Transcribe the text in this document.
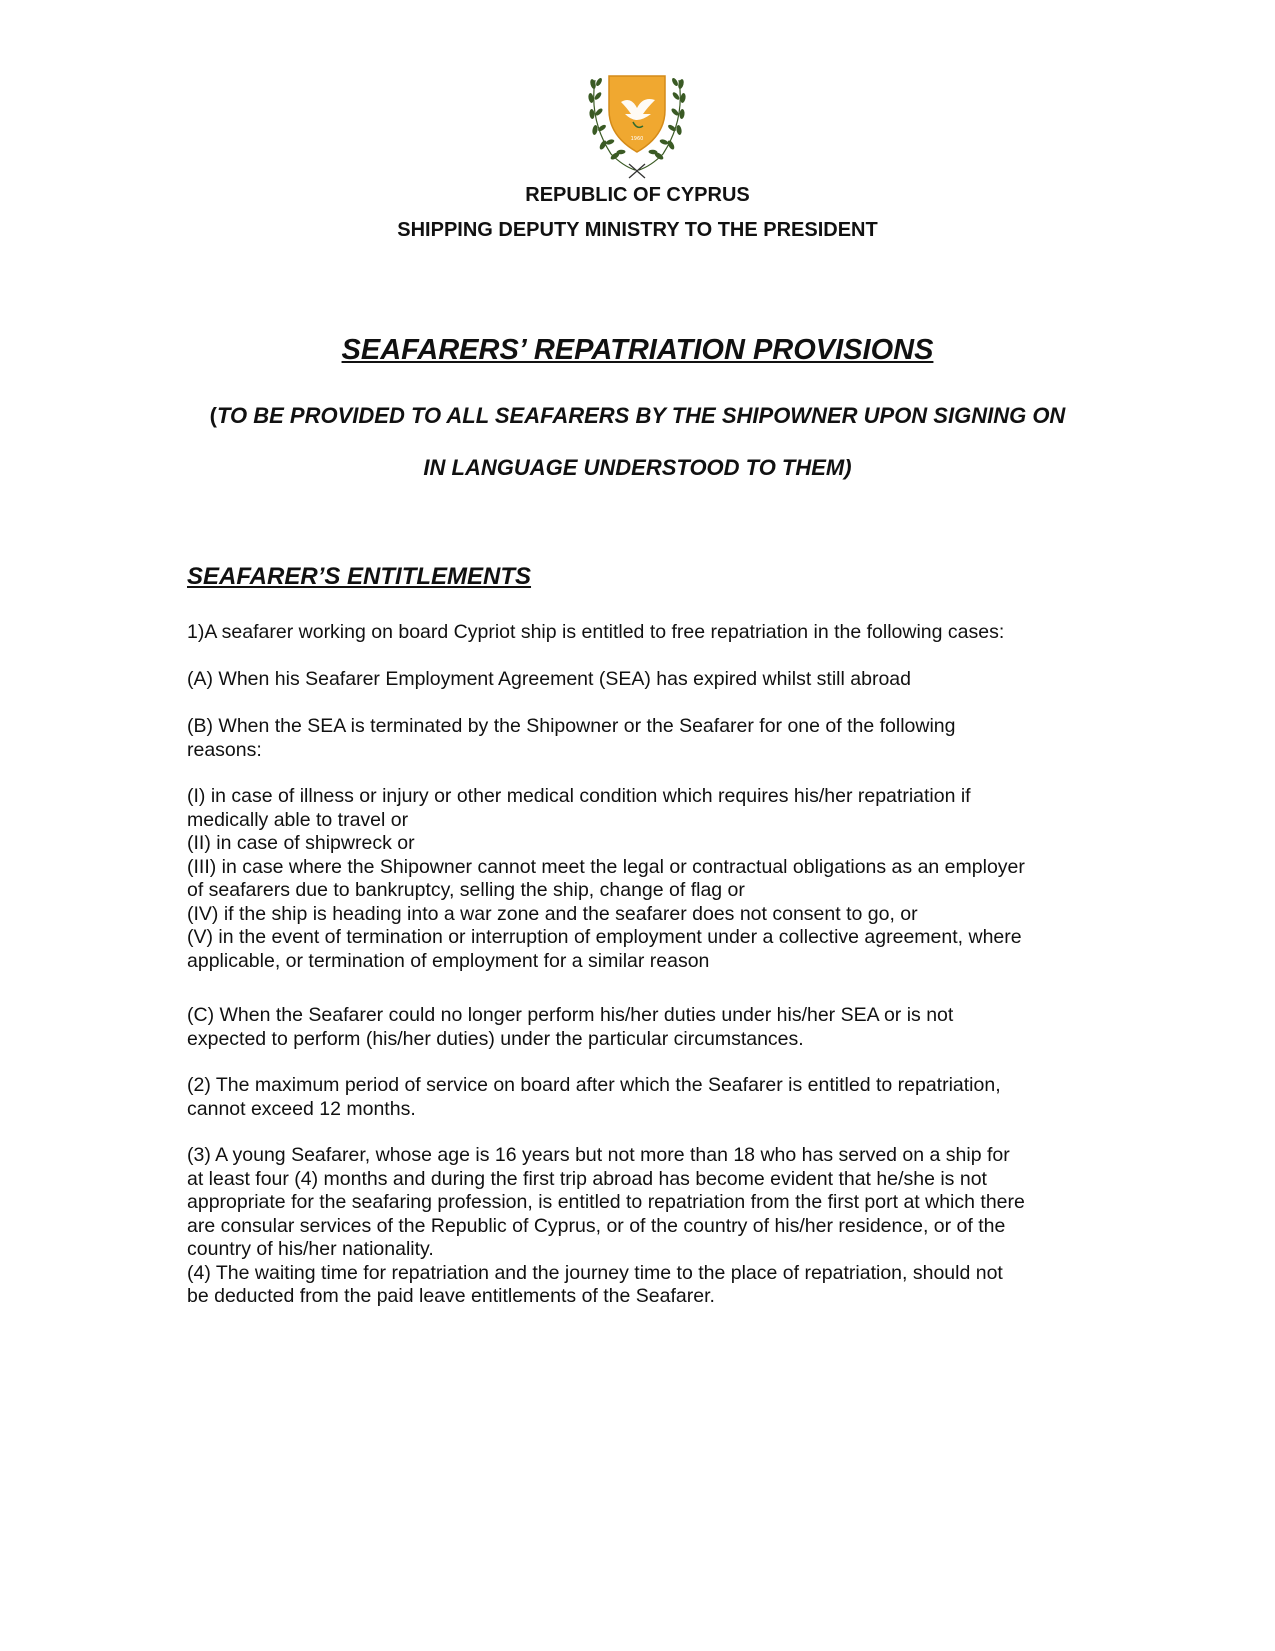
1960

REPUBLIC OF CYPRUS

SHIPPING DEPUTY MINISTRY TO THE PRESIDENT

SEAFARERS’ REPATRIATION PROVISIONS

(TO BE PROVIDED TO ALL SEAFARERS BY THE SHIPOWNER UPON SIGNING ON

IN LANGUAGE UNDERSTOOD TO THEM)

SEAFARER’S ENTITLEMENTS

1)A seafarer working on board Cypriot ship is entitled to free repatriation in the following cases:

(A) When his Seafarer Employment Agreement (SEA) has expired whilst still abroad

(B) When the SEA is terminated by the Shipowner or the Seafarer for one of the following
reasons:

(I) in case of illness or injury or other medical condition which requires his/her repatriation if
medically able to travel or
(II) in case of shipwreck or
(III) in case where the Shipowner cannot meet the legal or contractual obligations as an employer
of seafarers due to bankruptcy, selling the ship, change of flag or
(IV) if the ship is heading into a war zone and the seafarer does not consent to go, or
(V) in the event of termination or interruption of employment under a collective agreement, where
applicable, or termination of employment for a similar reason

(C) When the Seafarer could no longer perform his/her duties under his/her SEA or is not
expected to perform (his/her duties) under the particular circumstances.

(2) The maximum period of service on board after which the Seafarer is entitled to repatriation,
cannot exceed 12 months.

(3) A young Seafarer, whose age is 16 years but not more than 18 who has served on a ship for
at least four (4) months and during the first trip abroad has become evident that he/she is not
appropriate for the seafaring profession, is entitled to repatriation from the first port at which there
are consular services of the Republic of Cyprus, or of the country of his/her residence, or of the
country of his/her nationality.
(4) The waiting time for repatriation and the journey time to the place of repatriation, should not
be deducted from the paid leave entitlements of the Seafarer.
